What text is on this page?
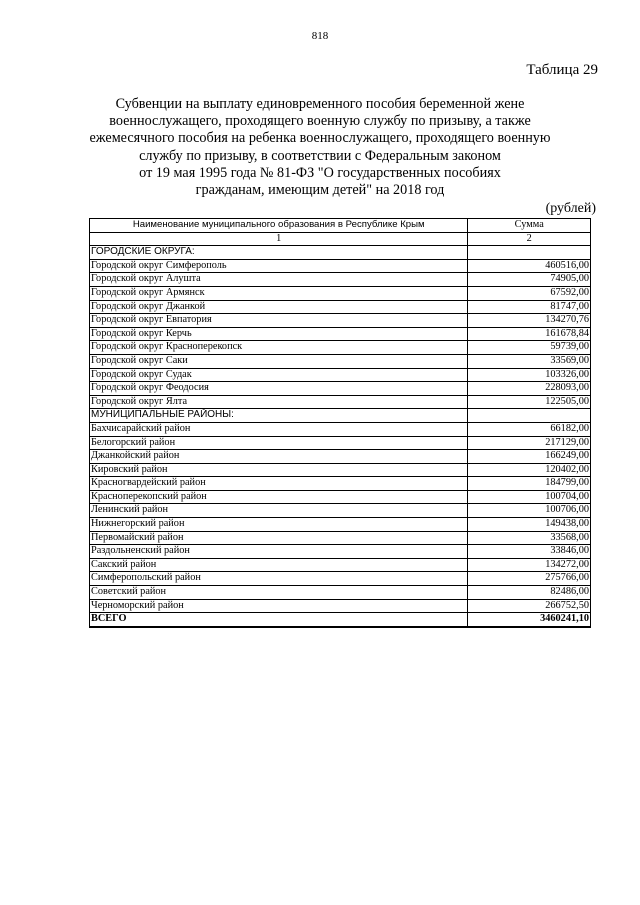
818
Таблица 29
Субвенции на выплату единовременного пособия беременной жене
военнослужащего, проходящего военную службу по призыву, а также
ежемесячного пособия на ребенка военнослужащего, проходящего военную
службу по призыву, в соответствии с Федеральным законом
от 19 мая 1995 года № 81-ФЗ "О государственных пособиях
гражданам, имеющим детей" на 2018 год
(рублей)
Наименование муниципального образования в Республике Крым	Сумма
1	2
ГОРОДСКИЕ ОКРУГА:	
Городской округ Симферополь	460516,00
Городской округ Алушта	74905,00
Городской округ Армянск	67592,00
Городской округ Джанкой	81747,00
Городской округ Евпатория	134270,76
Городской округ Керчь	161678,84
Городской округ Красноперекопск	59739,00
Городской округ Саки	33569,00
Городской округ Судак	103326,00
Городской округ Феодосия	228093,00
Городской округ Ялта	122505,00
МУНИЦИПАЛЬНЫЕ РАЙОНЫ:	
Бахчисарайский район	66182,00
Белогорский район	217129,00
Джанкойский район	166249,00
Кировский район	120402,00
Красногвардейский район	184799,00
Красноперекопский район	100704,00
Ленинский район	100706,00
Нижнегорский район	149438,00
Первомайский район	33568,00
Раздольненский район	33846,00
Сакский район	134272,00
Симферопольский район	275766,00
Советский район	82486,00
Черноморский район	266752,50
ВСЕГО	3460241,10
